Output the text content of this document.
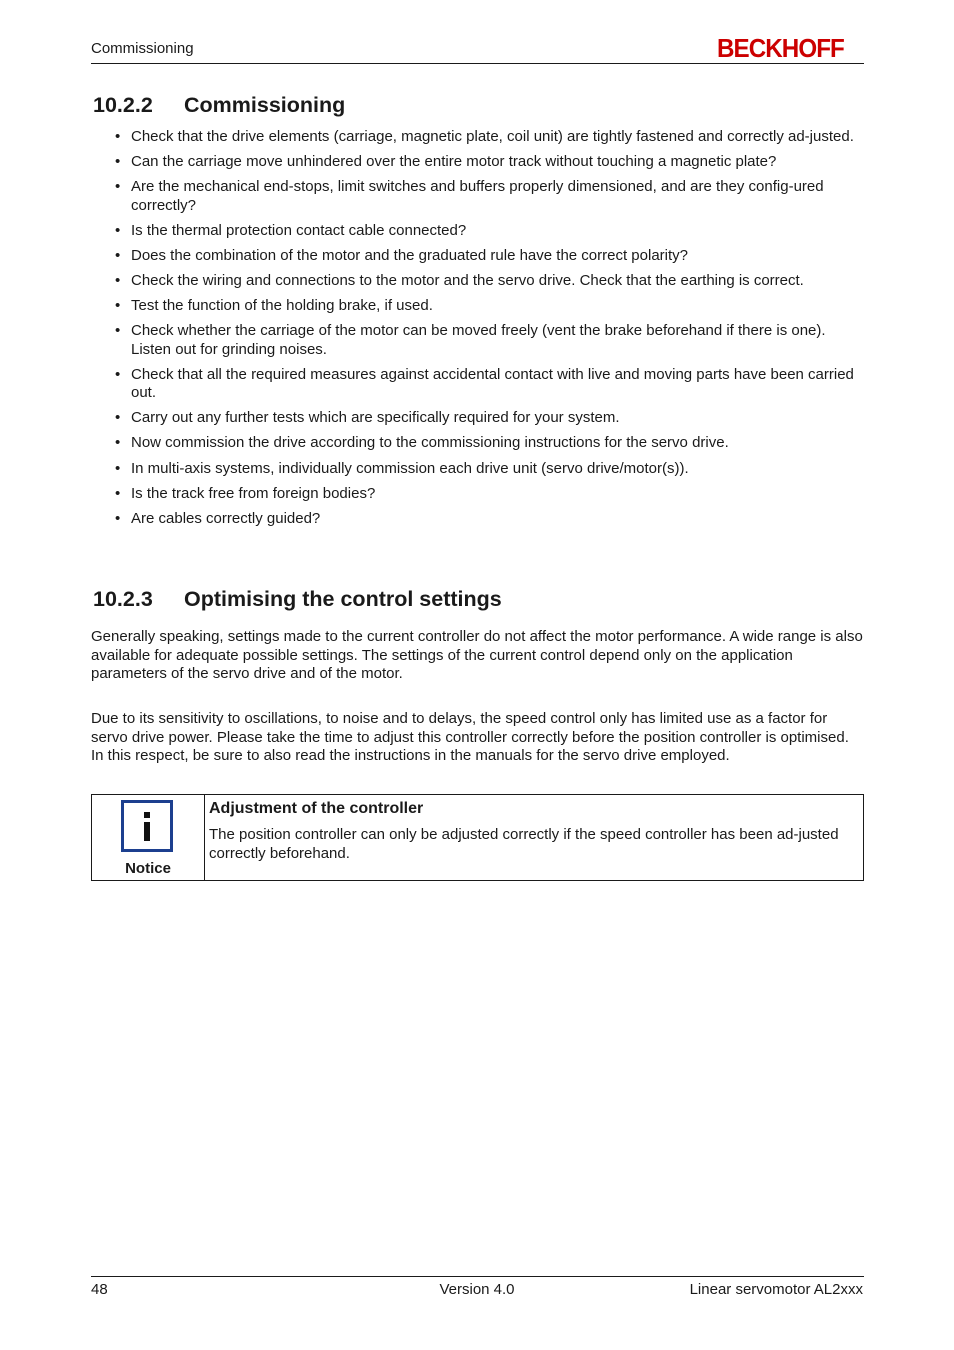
Commissioning	BECKHOFF
10.2.2 Commissioning
• Check that the drive elements (carriage, magnetic plate, coil unit) are tightly fastened and correctly ad-justed.
• Can the carriage move unhindered over the entire motor track without touching a magnetic plate?
• Are the mechanical end-stops, limit switches and buffers properly dimensioned, and are they config-ured correctly?
• Is the thermal protection contact cable connected?
• Does the combination of the motor and the graduated rule have the correct polarity?
• Check the wiring and connections to the motor and the servo drive. Check that the earthing is correct.
• Test the function of the holding brake, if used.
• Check whether the carriage of the motor can be moved freely (vent the brake beforehand if there is one). Listen out for grinding noises.
• Check that all the required measures against accidental contact with live and moving parts have been carried out.
• Carry out any further tests which are specifically required for your system.
• Now commission the drive according to the commissioning instructions for the servo drive.
• In multi-axis systems, individually commission each drive unit (servo drive/motor(s)).
• Is the track free from foreign bodies?
• Are cables correctly guided?
10.2.3 Optimising the control settings

Generally speaking, settings made to the current controller do not affect the motor performance. A wide range is also available for adequate possible settings. The settings of the current control depend only on the application parameters of the servo drive and of the motor.

Due to its sensitivity to oscillations, to noise and to delays, the speed control only has limited use as a factor for servo drive power. Please take the time to adjust this controller correctly before the position controller is optimised. In this respect, be sure to also read the instructions in the manuals for the servo drive employed.

Notice
Adjustment of the controller
The position controller can only be adjusted correctly if the speed controller has been ad-justed correctly beforehand.
48	Version 4.0	Linear servomotor AL2xxx
